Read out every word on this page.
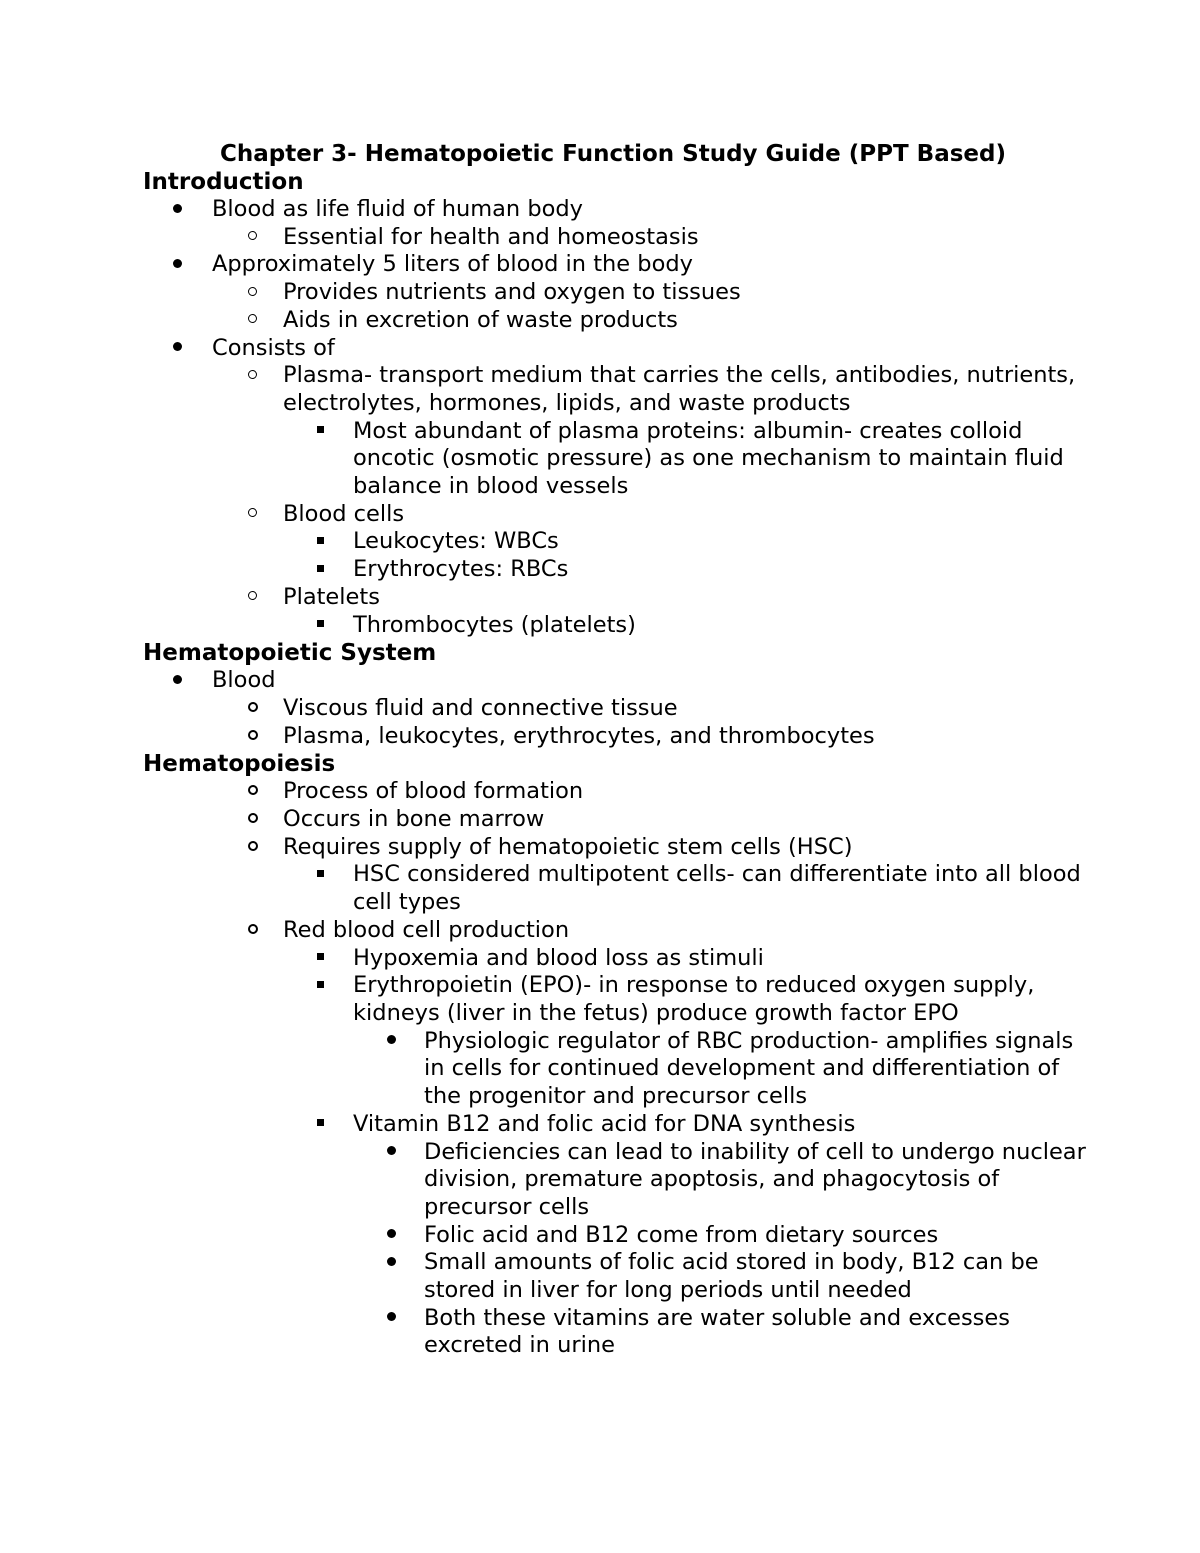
Chapter 3- Hematopoietic Function Study Guide (PPT Based)
Introduction
Blood as life fluid of human body
Essential for health and homeostasis
Approximately 5 liters of blood in the body
Provides nutrients and oxygen to tissues
Aids in excretion of waste products
Consists of
Plasma- transport medium that carries the cells, antibodies, nutrients, electrolytes, hormones, lipids, and waste products
Most abundant of plasma proteins: albumin- creates colloid oncotic (osmotic pressure) as one mechanism to maintain fluid balance in blood vessels
Blood cells
Leukocytes: WBCs
Erythrocytes: RBCs
Platelets
Thrombocytes (platelets)
Hematopoietic System
Blood
Viscous fluid and connective tissue
Plasma, leukocytes, erythrocytes, and thrombocytes
Hematopoiesis
Process of blood formation
Occurs in bone marrow
Requires supply of hematopoietic stem cells (HSC)
HSC considered multipotent cells- can differentiate into all blood cell types
Red blood cell production
Hypoxemia and blood loss as stimuli
Erythropoietin (EPO)- in response to reduced oxygen supply, kidneys (liver in the fetus) produce growth factor EPO
Physiologic regulator of RBC production- amplifies signals in cells for continued development and differentiation of the progenitor and precursor cells
Vitamin B12 and folic acid for DNA synthesis
Deficiencies can lead to inability of cell to undergo nuclear division, premature apoptosis, and phagocytosis of precursor cells
Folic acid and B12 come from dietary sources
Small amounts of folic acid stored in body, B12 can be stored in liver for long periods until needed
Both these vitamins are water soluble and excesses excreted in urine
